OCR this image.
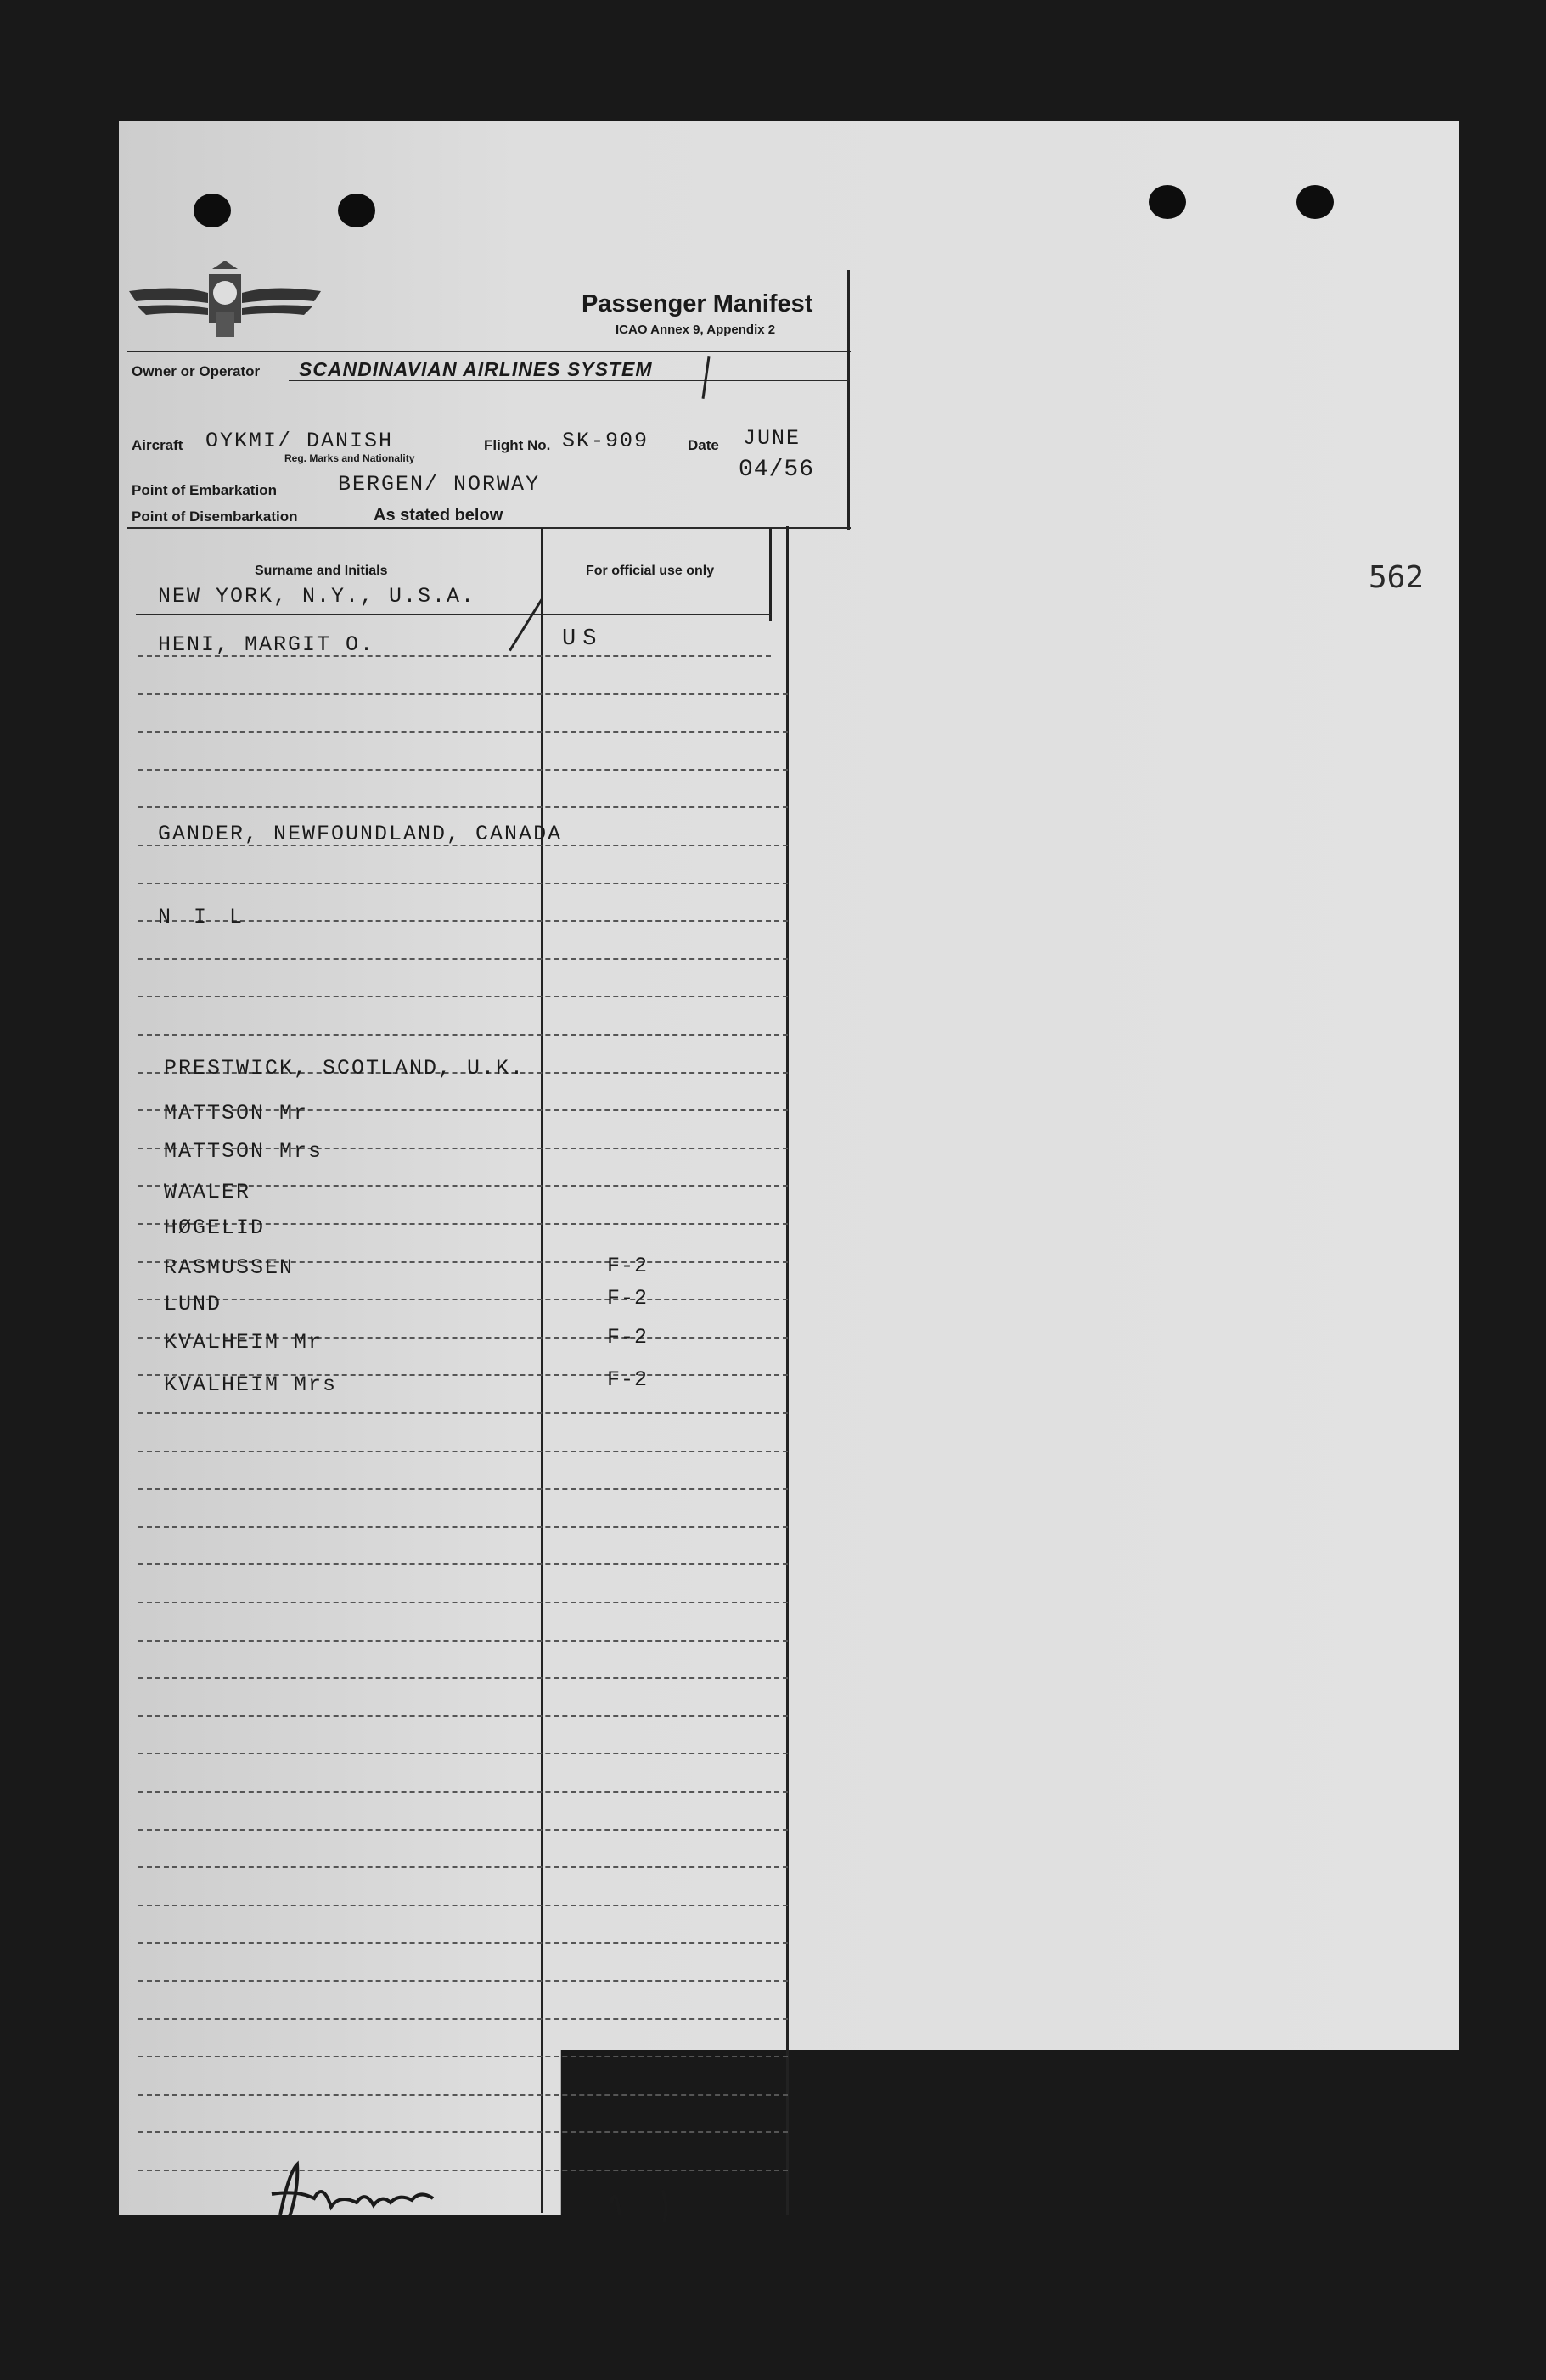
Passenger Manifest
ICAO Annex 9, Appendix 2
Owner or Operator SCANDINAVIAN AIRLINES SYSTEM
Aircraft OYKMI/ DANISH
Reg. Marks and Nationality
Flight No. SK-909	Date JUNE
04/56
Point of Embarkation	BERGEN/ NORWAY
Point of Disembarkation	As stated below
Surname and Initials	For official use only	562
NEW YORK, N.Y., U.S.A.
HENI, MARGIT O.	US
GANDER, NEWFOUNDLAND, CANADA
N I L
PRESTWICK, SCOTLAND, U.K.
MATTSON Mr
MATTSON Mrs
WAALER
HØGELID
RASMUSSEN	F-2
LUND	F-2
KVALHEIM Mr	F-2
KVALHEIM Mrs	F-2
